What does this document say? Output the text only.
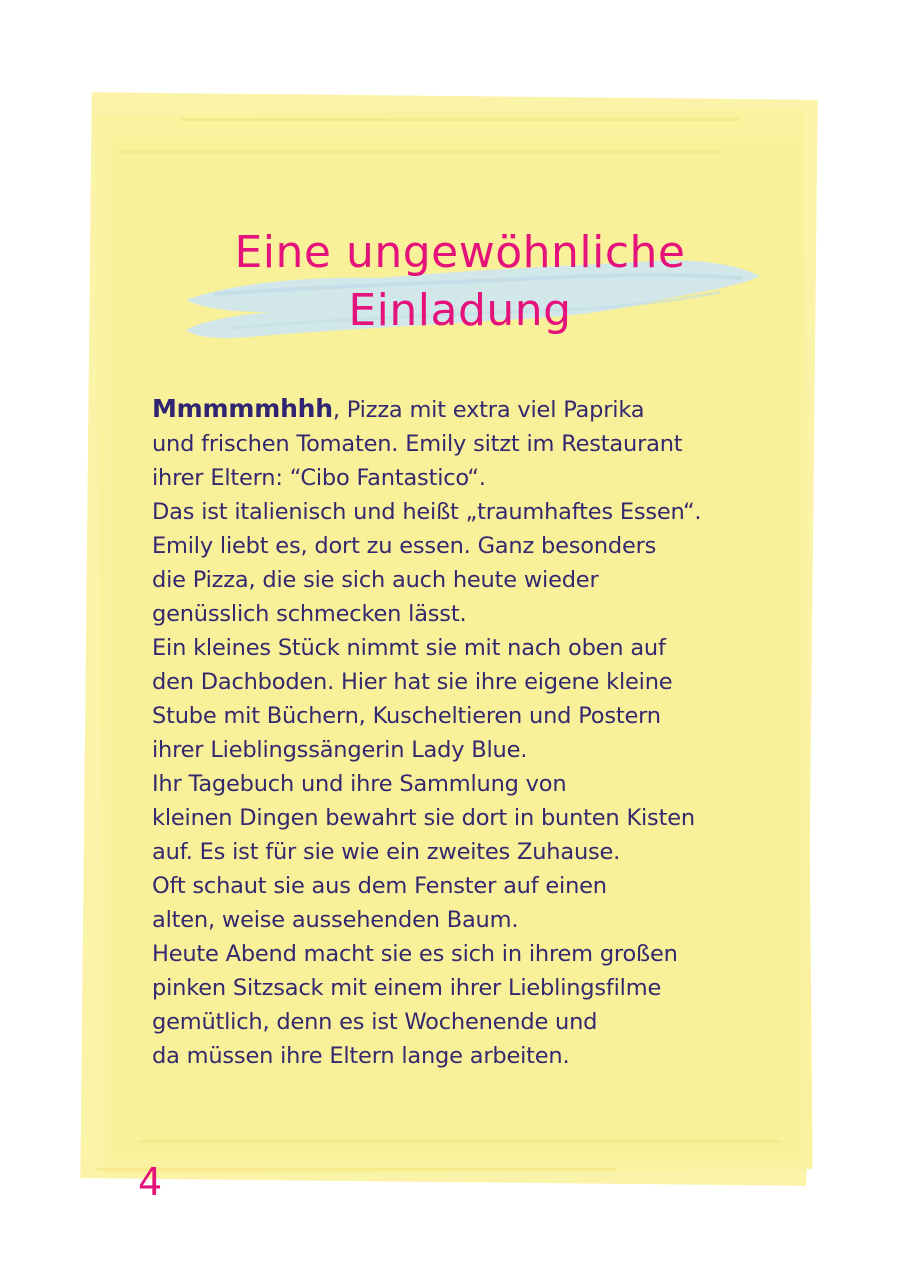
Eine ungewöhnliche
Einladung
Mmmmmhhh, Pizza mit extra viel Paprika
und frischen Tomaten. Emily sitzt im Restaurant
ihrer Eltern: “Cibo Fantastico“.
Das ist italienisch und heißt „traumhaftes Essen“.
Emily liebt es, dort zu essen. Ganz besonders
die Pizza, die sie sich auch heute wieder
genüsslich schmecken lässt.
Ein kleines Stück nimmt sie mit nach oben auf
den Dachboden. Hier hat sie ihre eigene kleine
Stube mit Büchern, Kuscheltieren und Postern
ihrer Lieblingssängerin Lady Blue.
Ihr Tagebuch und ihre Sammlung von
kleinen Dingen bewahrt sie dort in bunten Kisten
auf. Es ist für sie wie ein zweites Zuhause.
Oft schaut sie aus dem Fenster auf einen
alten, weise aussehenden Baum.
Heute Abend macht sie es sich in ihrem großen
pinken Sitzsack mit einem ihrer Lieblingsfilme
gemütlich, denn es ist Wochenende und
da müssen ihre Eltern lange arbeiten.
4
